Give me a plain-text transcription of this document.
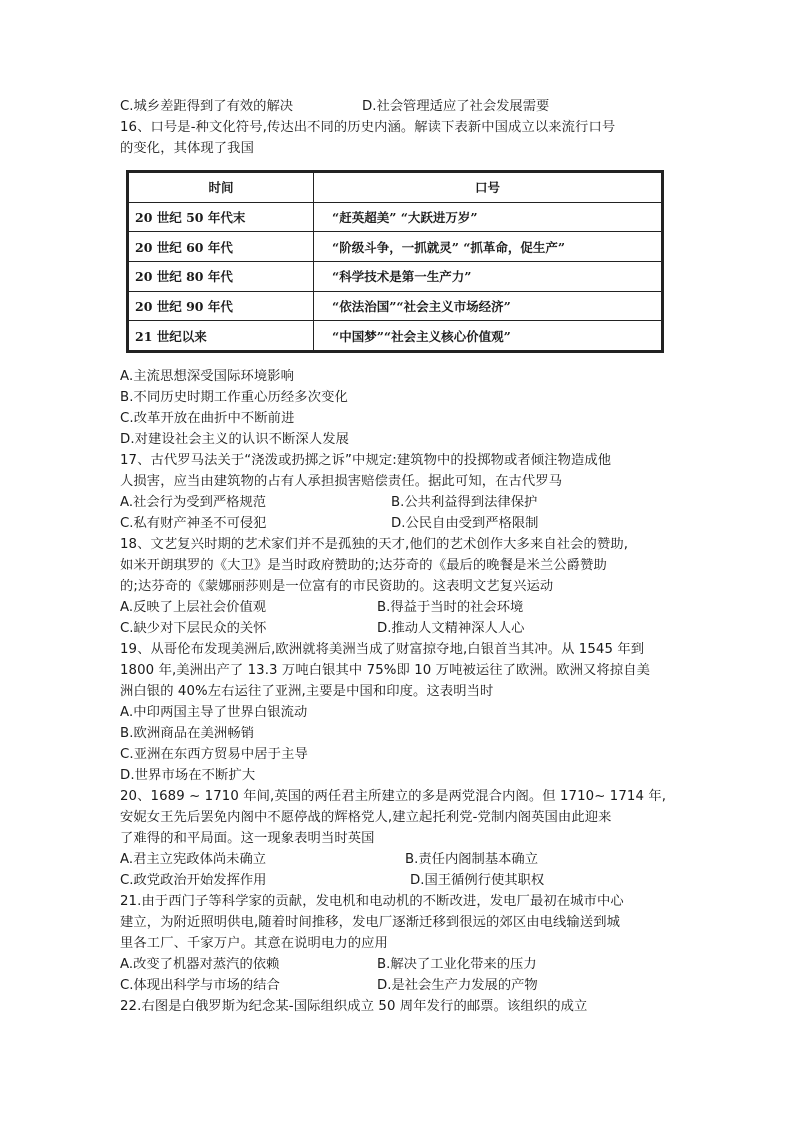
C.城乡差距得到了有效的解决	D.社会管理适应了社会发展需要
16、口号是-种文化符号,传达出不同的历史内涵。解读下表新中国成立以来流行口号
的变化，其体现了我国
时间	口号
20 世纪 50 年代末	“赶英超美” “大跃进万岁”
20 世纪 60 年代	“阶级斗争，一抓就灵” “抓革命，促生产”
20 世纪 80 年代	“科学技术是第一生产力”
20 世纪 90 年代	“依法治国”“社会主义市场经济”
21 世纪以来	“中国梦”“社会主义核心价值观”
A.主流思想深受国际环境影响
B.不同历史时期工作重心历经多次变化
C.改革开放在曲折中不断前进
D.对建设社会主义的认识不断深人发展
17、古代罗马法关于“浇泼或扔掷之诉”中规定:建筑物中的投掷物或者倾注物造成他
人损害，应当由建筑物的占有人承担损害赔偿责任。据此可知，在古代罗马
A.社会行为受到严格规范	B.公共利益得到法律保护
C.私有财产神圣不可侵犯	D.公民自由受到严格限制
18、文艺复兴时期的艺术家们并不是孤独的天才,他们的艺术创作大多来自社会的赞助,
如米开朗琪罗的《大卫》是当时政府赞助的;达芬奇的《最后的晚餐是米兰公爵赞助
的;达芬奇的《蒙娜丽莎则是一位富有的市民资助的。这表明文艺复兴运动
A.反映了上层社会价值观	B.得益于当时的社会环境
C.缺少对下层民众的关怀	D.推动人文精神深人人心
19、从哥伦布发现美洲后,欧洲就将美洲当成了财富掠夺地,白银首当其冲。从 1545 年到
1800 年,美洲出产了 13.3 万吨白银其中 75%即 10 万吨被运往了欧洲。欧洲又将掠自美
洲白银的 40%左右运往了亚洲,主要是中国和印度。这表明当时
A.中印两国主导了世界白银流动
B.欧洲商品在美洲畅销
C.亚洲在东西方贸易中居于主导
D.世界市场在不断扩大
20、1689 ~ 1710 年间,英国的两任君主所建立的多是两党混合内阁。但 1710~ 1714 年,
安妮女王先后罢免内阁中不愿停战的辉格党人,建立起托利党-党制内阁英国由此迎来
了难得的和平局面。这一现象表明当时英国
A.君主立宪政体尚未确立	B.责任内阁制基本确立
C.政党政治开始发挥作用	D.国王循例行使其职权
21.由于西门子等科学家的贡献，发电机和电动机的不断改进，发电厂最初在城市中心
建立，为附近照明供电,随着时间推移，发电厂逐渐迁移到很远的郊区由电线输送到城
里各工厂、千家万户。其意在说明电力的应用
A.改变了机器对蒸汽的依赖	B.解决了工业化带来的压力
C.体现出科学与市场的结合	D.是社会生产力发展的产物
22.右图是白俄罗斯为纪念某-国际组织成立 50 周年发行的邮票。该组织的成立
